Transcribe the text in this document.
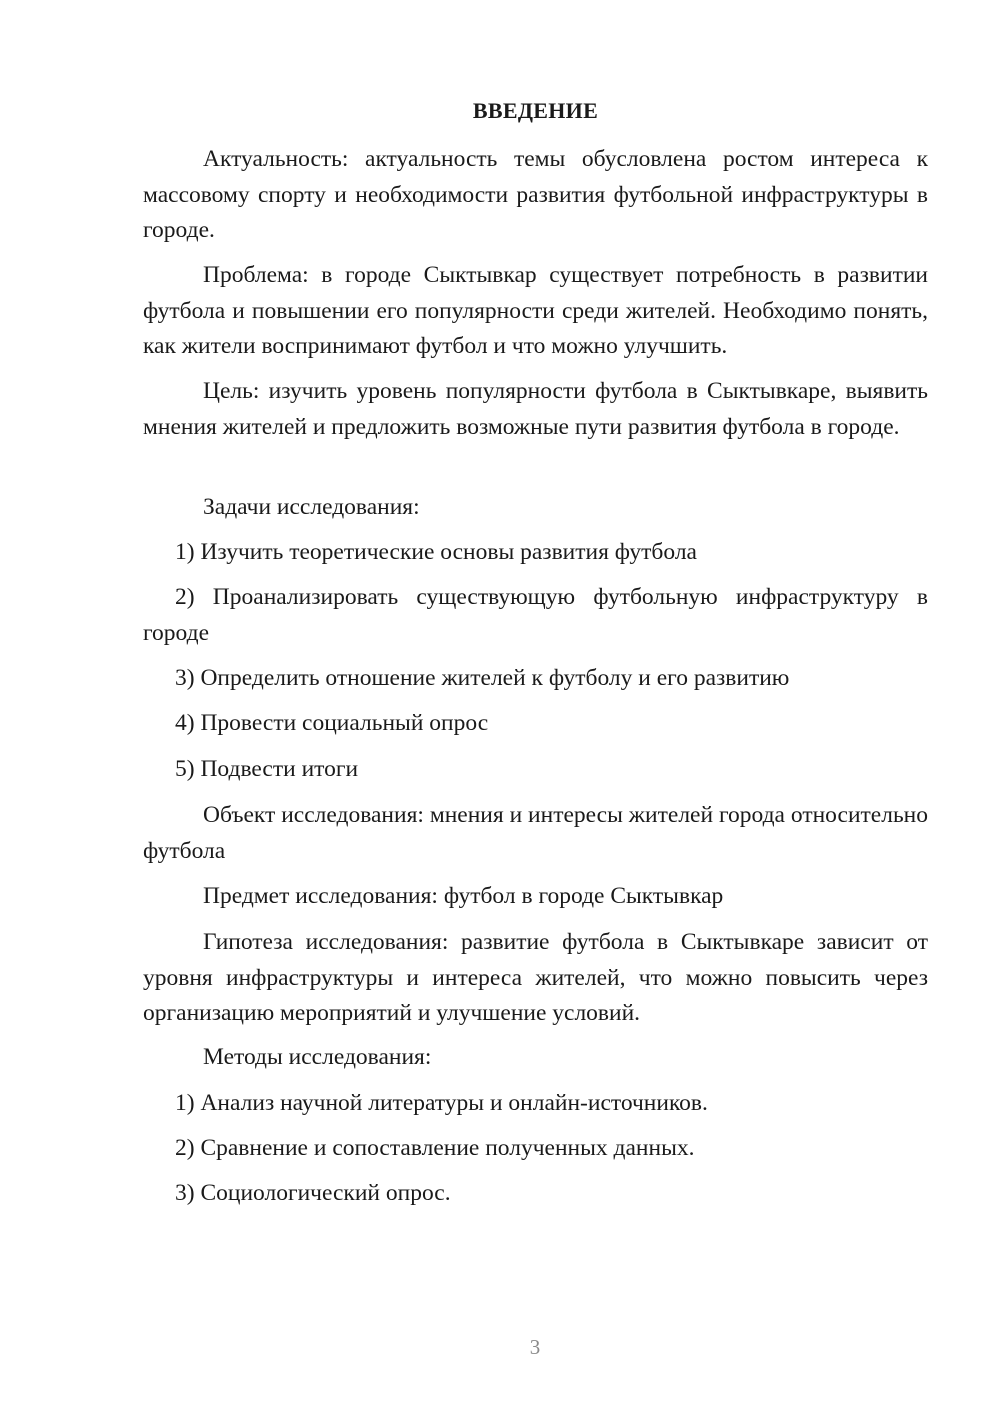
ВВЕДЕНИЕ
Актуальность: актуальность темы обусловлена ростом интереса к массовому спорту и необходимости развития футбольной инфраструктуры в городе.
Проблема: в городе Сыктывкар существует потребность в развитии футбола и повышении его популярности среди жителей. Необходимо понять, как жители воспринимают футбол и что можно улучшить.
Цель: изучить уровень популярности футбола в Сыктывкаре, выявить мнения жителей и предложить возможные пути развития футбола в городе.
Задачи исследования:
1) Изучить теоретические основы развития футбола
2) Проанализировать существующую футбольную инфраструктуру в городе
3) Определить отношение жителей к футболу и его развитию
4) Провести социальный опрос
5) Подвести итоги
Объект исследования: мнения и интересы жителей города относительно футбола
Предмет исследования: футбол в городе Сыктывкар
Гипотеза исследования: развитие футбола в Сыктывкаре зависит от уровня инфраструктуры и интереса жителей, что можно повысить через организацию мероприятий и улучшение условий.
Методы исследования:
1) Анализ научной литературы и онлайн-источников.
2) Сравнение и сопоставление полученных данных.
3) Социологический опрос.
3
